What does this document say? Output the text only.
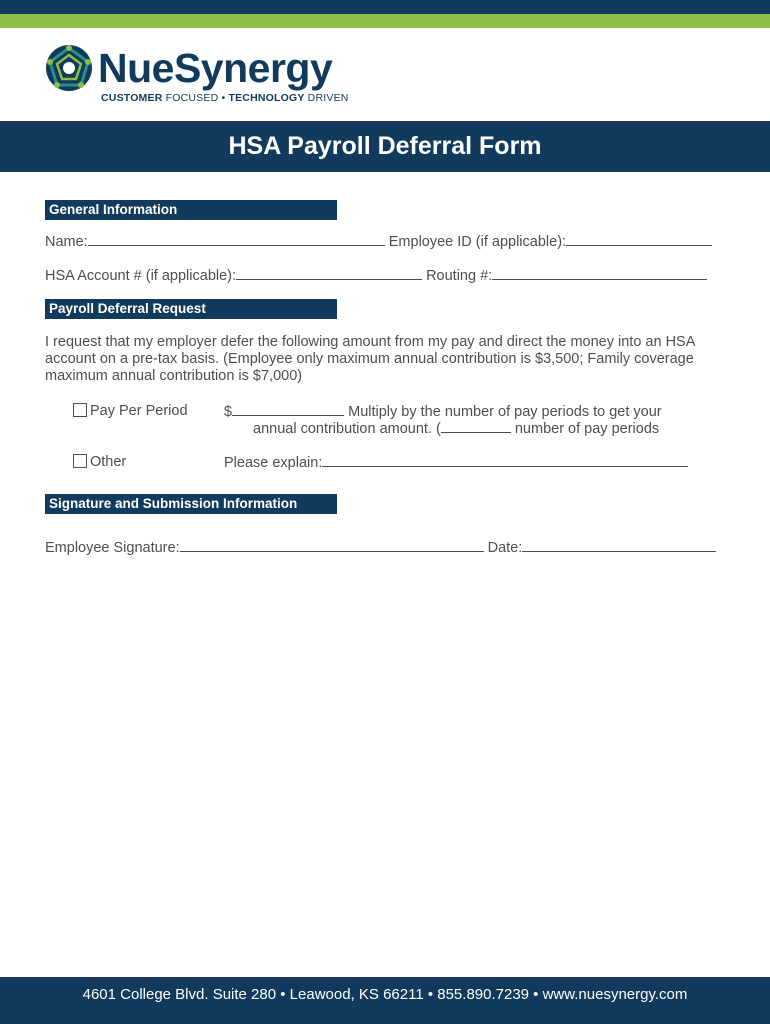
NueSynergy
CUSTOMER FOCUSED • TECHNOLOGY DRIVEN
HSA Payroll Deferral Form
General Information
Name:	Employee ID (if applicable):
HSA Account # (if applicable):	Routing #:
Payroll Deferral Request
I request that my employer defer the following amount from my pay and direct the money into an HSA account on a pre-tax basis. (Employee only maximum annual contribution is $3,500; Family coverage maximum annual contribution is $7,000)
Pay Per Period	$	Multiply by the number of pay periods to get your
annual contribution amount. (	number of pay periods
Other	Please explain:
Signature and Submission Information
Employee Signature:	Date:
4601 College Blvd. Suite 280 • Leawood, KS 66211 • 855.890.7239 • www.nuesynergy.com
